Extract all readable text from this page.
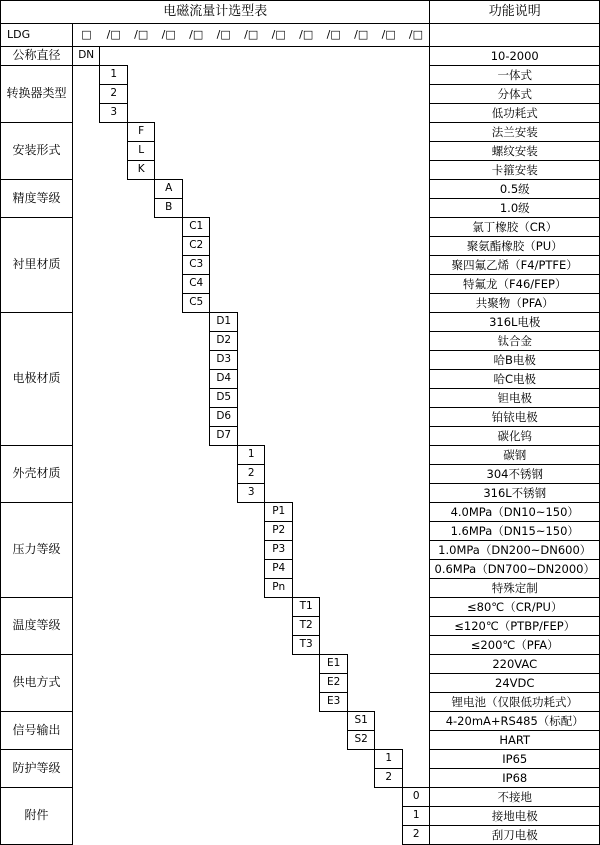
电磁流量计选型表														功能说明
LDG	□	/□	/□	/□	/□	/□	/□	/□	/□	/□	/□	/□	/□	
公称直径	DN													10-2000
转换器类型		1												一体式
		2												分体式
		3												低功耗式
安装形式			F											法兰安装
			L											螺纹安装
			K											卡箍安装
精度等级				A										0.5级
				B										1.0级
衬里材质					C1									氯丁橡胶（CR）
					C2									聚氨酯橡胶（PU）
					C3									聚四氟乙烯（F4/PTFE）
					C4									特氟龙（F46/FEP）
					C5									共聚物（PFA）
电极材质						D1								316L电极
						D2								钛合金
						D3								哈B电极
						D4								哈C电极
						D5								钽电极
						D6								铂铱电极
						D7								碳化钨
外壳材质							1							碳钢
							2							304不锈钢
							3							316L不锈钢
压力等级								P1						4.0MPa（DN10~150）
								P2						1.6MPa（DN15~150）
								P3						1.0MPa（DN200~DN600）
								P4						0.6MPa（DN700~DN2000）
								Pn						特殊定制
温度等级									T1					≤80℃（CR/PU）
									T2					≤120℃（PTBP/FEP）
									T3					≤200℃（PFA）
供电方式										E1				220VAC
										E2				24VDC
										E3				锂电池（仅限低功耗式）
信号输出											S1			4-20mA+RS485（标配）
											S2			HART
防护等级												1		IP65
												2		IP68
附件													0	不接地
													1	接地电极
													2	刮刀电极
